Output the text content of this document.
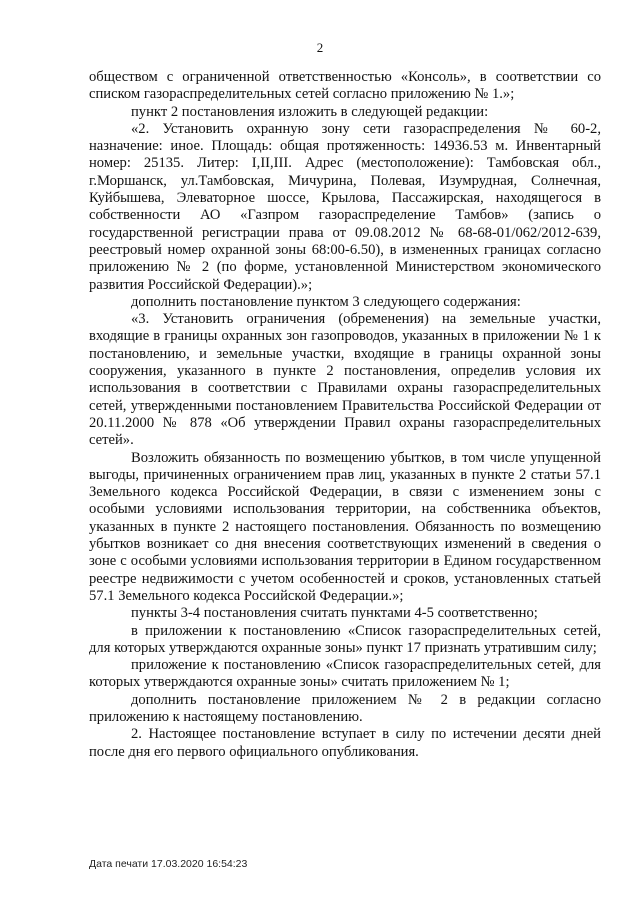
2

обществом с ограниченной ответственностью «Консоль», в соответствии со списком газораспределительных сетей согласно приложению № 1.»;

пункт 2 постановления изложить в следующей редакции:

«2. Установить охранную зону сети газораспределения № 60-2, назначение: иное. Площадь: общая протяженность: 14936.53 м. Инвентарный номер: 25135. Литер: I,II,III. Адрес (местоположение): Тамбовская обл., г.Моршанск, ул.Тамбовская, Мичурина, Полевая, Изумрудная, Солнечная, Куйбышева, Элеваторное шоссе, Крылова, Пассажирская, находящегося в собственности АО «Газпром газораспределение Тамбов» (запись о государственной регистрации права от 09.08.2012 № 68-68-01/062/2012-639, реестровый номер охранной зоны 68:00-6.50), в измененных границах согласно приложению № 2 (по форме, установленной Министерством экономического развития Российской Федерации).»;

дополнить постановление пунктом 3 следующего содержания:

«3. Установить ограничения (обременения) на земельные участки, входящие в границы охранных зон газопроводов, указанных в приложении № 1 к постановлению, и земельные участки, входящие в границы охранной зоны сооружения, указанного в пункте 2 постановления, определив условия их использования в соответствии с Правилами охраны газораспределительных сетей, утвержденными постановлением Правительства Российской Федерации от 20.11.2000 № 878 «Об утверждении Правил охраны газораспределительных сетей».

Возложить обязанность по возмещению убытков, в том числе упущенной выгоды, причиненных ограничением прав лиц, указанных в пункте 2 статьи 57.1 Земельного кодекса Российской Федерации, в связи с изменением зоны с особыми условиями использования территории, на собственника объектов, указанных в пункте 2 настоящего постановления. Обязанность по возмещению убытков возникает со дня внесения соответствующих изменений в сведения о зоне с особыми условиями использования территории в Едином государственном реестре недвижимости с учетом особенностей и сроков, установленных статьей 57.1 Земельного кодекса Российской Федерации.»;

пункты 3-4 постановления считать пунктами 4-5 соответственно;

в приложении к постановлению «Список газораспределительных сетей, для которых утверждаются охранные зоны» пункт 17 признать утратившим силу;

приложение к постановлению «Список газораспределительных сетей, для которых утверждаются охранные зоны» считать приложением № 1;

дополнить постановление приложением № 2 в редакции согласно приложению к настоящему постановлению.

2. Настоящее постановление вступает в силу по истечении десяти дней после дня его первого официального опубликования.

Дата печати 17.03.2020 16:54:23
